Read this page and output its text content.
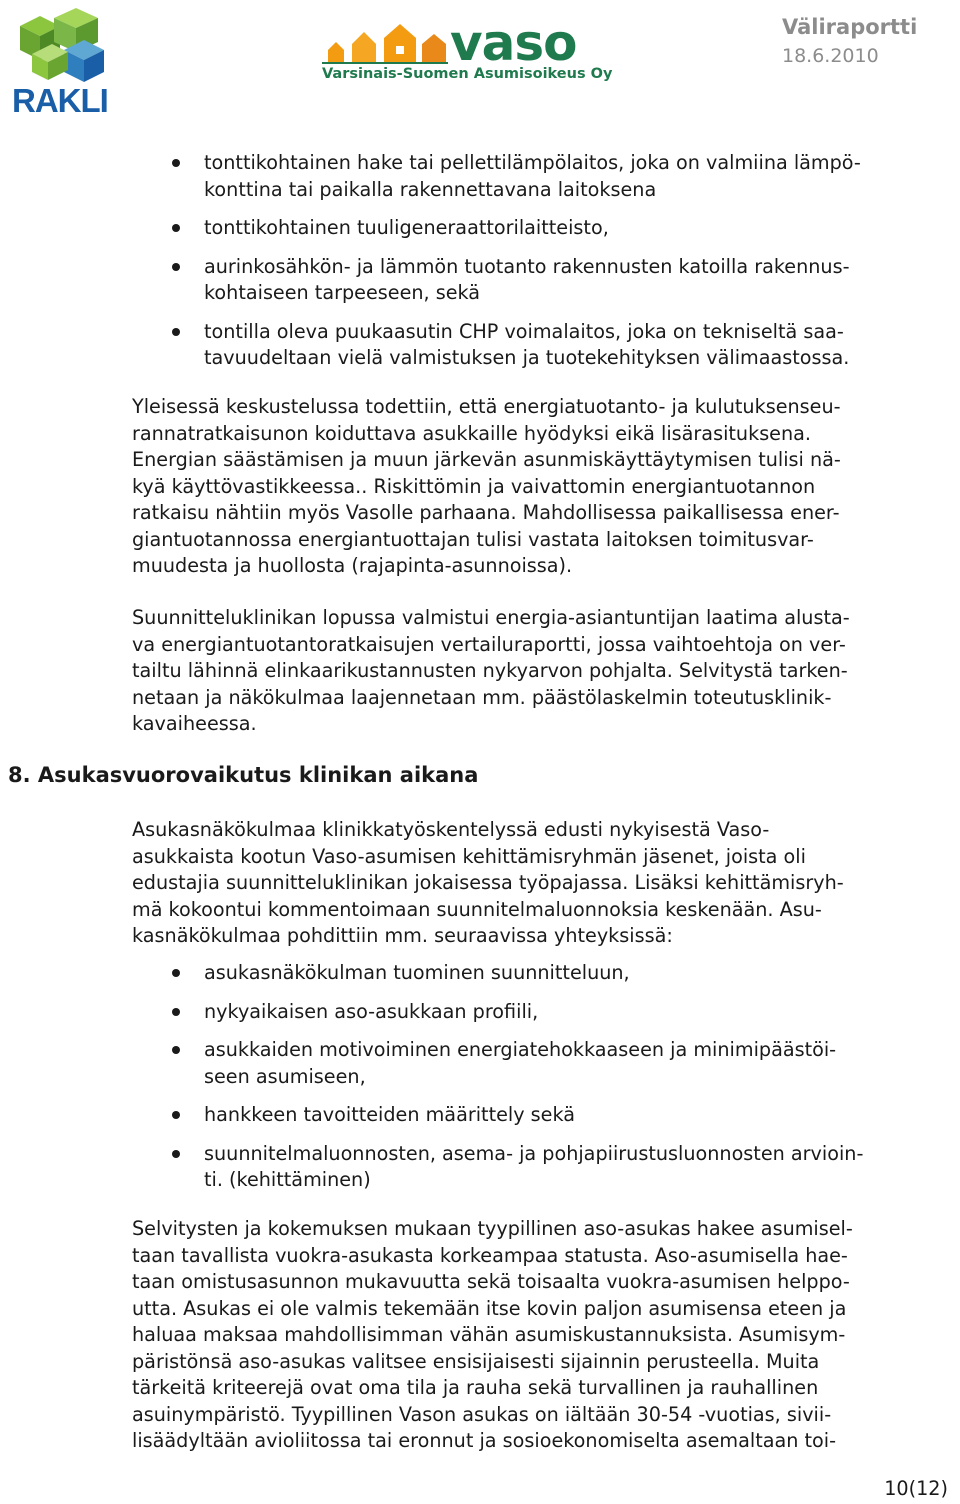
RAKLI
vaso
Varsinais-Suomen Asumisoikeus Oy
Väliraportti
18.6.2010
tonttikohtainen hake tai pellettilämpölaitos, joka on valmiina lämpö-
konttina tai paikalla rakennettavana laitoksena
tonttikohtainen tuuligeneraattorilaitteisto,
aurinkosähkön- ja lämmön tuotanto rakennusten katoilla rakennus-
kohtaiseen tarpeeseen, sekä
tontilla oleva puukaasutin CHP voimalaitos, joka on tekniseltä saa-
tavuudeltaan vielä valmistuksen ja tuotekehityksen välimaastossa.

Yleisessä keskustelussa todettiin, että energiatuotanto- ja kulutuksenseu-
rannatratkaisunon koiduttava asukkaille hyödyksi eikä lisärasituksena.
Energian säästämisen ja muun järkevän asunmiskäyttäytymisen tulisi nä-
kyä käyttövastikkeessa.. Riskittömin ja vaivattomin energiantuotannon
ratkaisu nähtiin myös Vasolle parhaana. Mahdollisessa paikallisessa ener-
giantuotannossa energiantuottajan tulisi vastata laitoksen toimitusvar-
muudesta ja huollosta (rajapinta-asunnoissa).

Suunnitteluklinikan lopussa valmistui energia-asiantuntijan laatima alusta-
va energiantuotantoratkaisujen vertailuraportti, jossa vaihtoehtoja on ver-
tailtu lähinnä elinkaarikustannusten nykyarvon pohjalta. Selvitystä tarken-
netaan ja näkökulmaa laajennetaan mm. päästölaskelmin toteutusklinik-
kavaiheessa.

8. Asukasvuorovaikutus klinikan aikana

Asukasnäkökulmaa klinikkatyöskentelyssä edusti nykyisestä Vaso-
asukkaista kootun Vaso-asumisen kehittämisryhmän jäsenet, joista oli
edustajia suunnitteluklinikan jokaisessa työpajassa. Lisäksi kehittämisryh-
mä kokoontui kommentoimaan suunnitelmaluonnoksia keskenään. Asu-
kasnäkökulmaa pohdittiin mm. seuraavissa yhteyksissä:

asukasnäkökulman tuominen suunnitteluun,
nykyaikaisen aso-asukkaan profiili,
asukkaiden motivoiminen energiatehokkaaseen ja minimipäästöi-
seen asumiseen,
hankkeen tavoitteiden määrittely sekä
suunnitelmaluonnosten, asema- ja pohjapiirustusluonnosten arvioin-
ti. (kehittäminen)

Selvitysten ja kokemuksen mukaan tyypillinen aso-asukas hakee asumisel-
taan tavallista vuokra-asukasta korkeampaa statusta. Aso-asumisella hae-
taan omistusasunnon mukavuutta sekä toisaalta vuokra-asumisen helppo-
utta. Asukas ei ole valmis tekemään itse kovin paljon asumisensa eteen ja
haluaa maksaa mahdollisimman vähän asumiskustannuksista. Asumisym-
päristönsä aso-asukas valitsee ensisijaisesti sijainnin perusteella. Muita
tärkeitä kriteerejä ovat oma tila ja rauha sekä turvallinen ja rauhallinen
asuinympäristö. Tyypillinen Vason asukas on iältään 30-54 -vuotias, sivii-
lisäädyltään avioliitossa tai eronnut ja sosioekonomiselta asemaltaan toi-

10(12)
